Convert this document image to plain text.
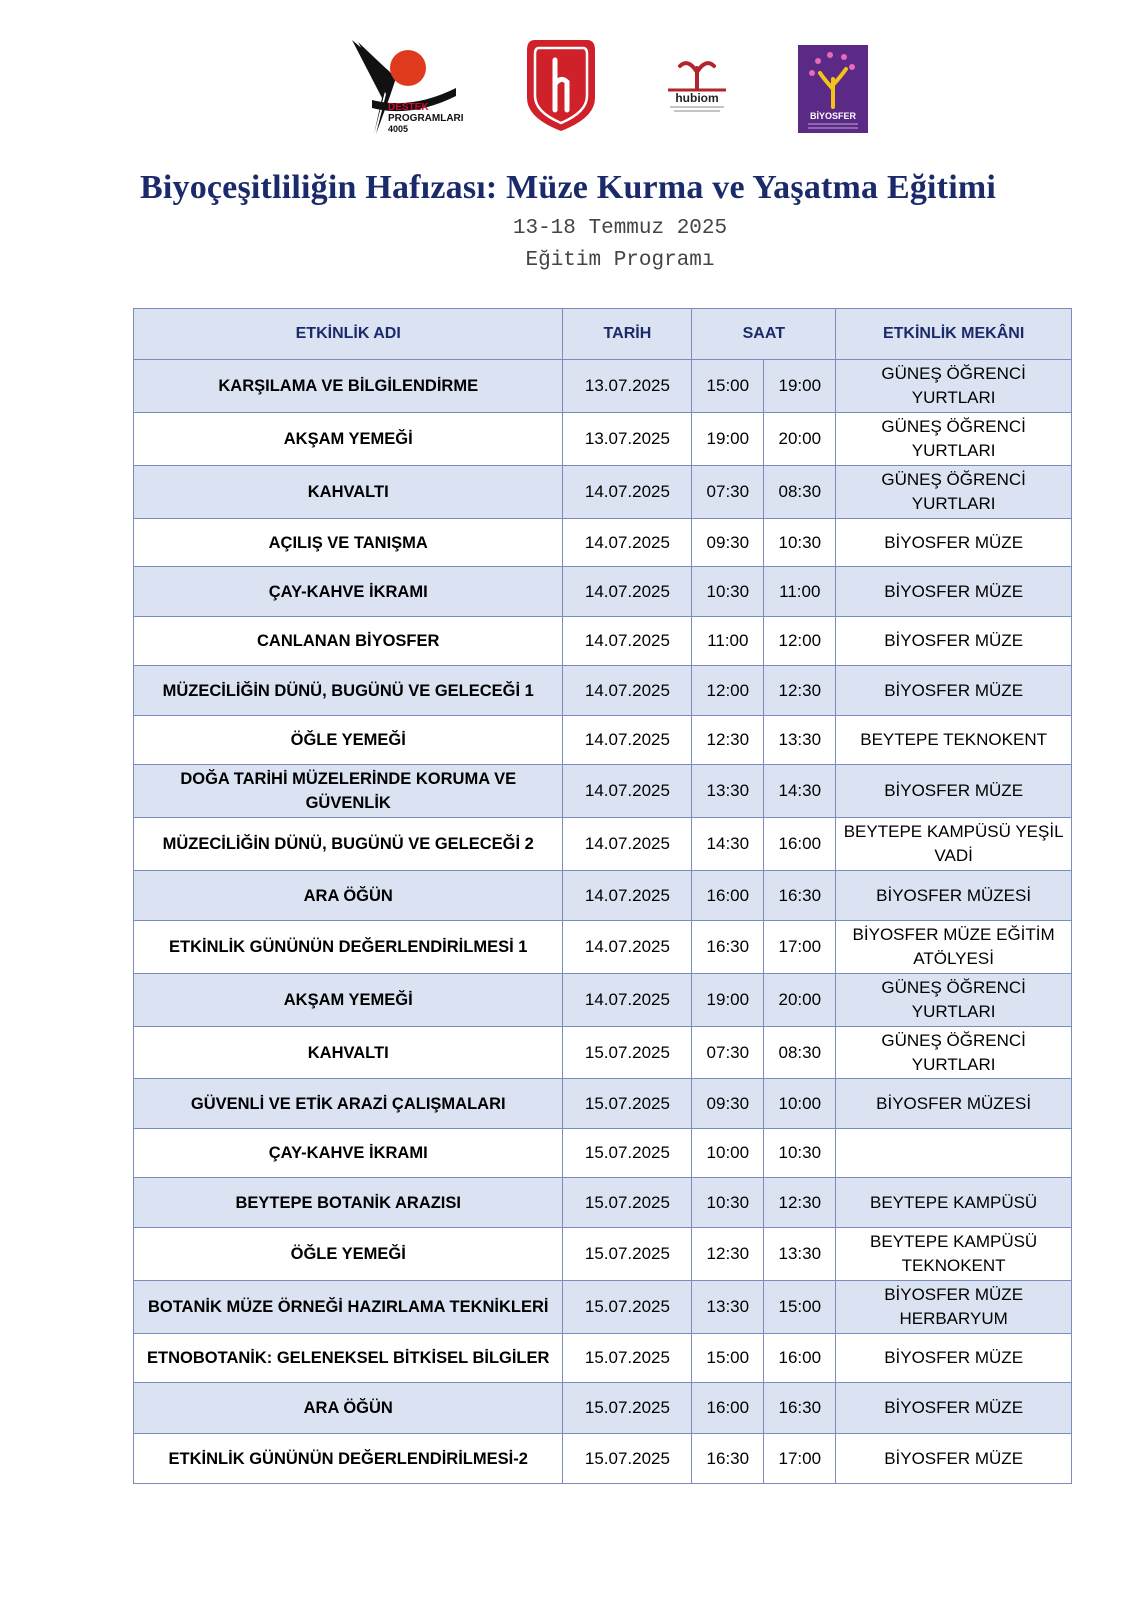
DESTEK
PROGRAMLARI
4005
hubiom
BİYOSFER
Biyoçeşitliliğin Hafızası: Müze Kurma ve Yaşatma Eğitimi
13-18 Temmuz 2025
Eğitim Programı
ETKİNLİK ADI	TARİH	SAAT		ETKİNLİK MEKÂNI
KARŞILAMA VE BİLGİLENDİRME	13.07.2025	15:00	19:00	GÜNEŞ ÖĞRENCİ YURTLARI
AKŞAM YEMEĞİ	13.07.2025	19:00	20:00	GÜNEŞ ÖĞRENCİ YURTLARI
KAHVALTI	14.07.2025	07:30	08:30	GÜNEŞ ÖĞRENCİ YURTLARI
AÇILIŞ VE TANIŞMA	14.07.2025	09:30	10:30	BİYOSFER MÜZE
ÇAY-KAHVE İKRAMI	14.07.2025	10:30	11:00	BİYOSFER MÜZE
CANLANAN BİYOSFER	14.07.2025	11:00	12:00	BİYOSFER MÜZE
MÜZECİLİĞİN DÜNÜ, BUGÜNÜ VE GELECEĞİ 1	14.07.2025	12:00	12:30	BİYOSFER MÜZE
ÖĞLE YEMEĞİ	14.07.2025	12:30	13:30	BEYTEPE TEKNOKENT
DOĞA TARİHİ MÜZELERİNDE KORUMA VE GÜVENLİK	14.07.2025	13:30	14:30	BİYOSFER MÜZE
MÜZECİLİĞİN DÜNÜ, BUGÜNÜ VE GELECEĞİ 2	14.07.2025	14:30	16:00	BEYTEPE KAMPÜSÜ YEŞİL VADİ
ARA ÖĞÜN	14.07.2025	16:00	16:30	BİYOSFER MÜZESİ
ETKİNLİK GÜNÜNÜN DEĞERLENDİRİLMESİ 1	14.07.2025	16:30	17:00	BİYOSFER MÜZE EĞİTİM ATÖLYESİ
AKŞAM YEMEĞİ	14.07.2025	19:00	20:00	GÜNEŞ ÖĞRENCİ YURTLARI
KAHVALTI	15.07.2025	07:30	08:30	GÜNEŞ ÖĞRENCİ YURTLARI
GÜVENLİ VE ETİK ARAZİ ÇALIŞMALARI	15.07.2025	09:30	10:00	BİYOSFER MÜZESİ
ÇAY-KAHVE İKRAMI	15.07.2025	10:00	10:30	
BEYTEPE BOTANİK ARAZISI	15.07.2025	10:30	12:30	BEYTEPE KAMPÜSÜ
ÖĞLE YEMEĞİ	15.07.2025	12:30	13:30	BEYTEPE KAMPÜSÜ TEKNOKENT
BOTANİK MÜZE ÖRNEĞİ HAZIRLAMA TEKNİKLERİ	15.07.2025	13:30	15:00	BİYOSFER MÜZE HERBARYUM
ETNOBOTANİK: GELENEKSEL BİTKİSEL BİLGİLER	15.07.2025	15:00	16:00	BİYOSFER MÜZE
ARA ÖĞÜN	15.07.2025	16:00	16:30	BİYOSFER MÜZE
ETKİNLİK GÜNÜNÜN DEĞERLENDİRİLMESİ-2	15.07.2025	16:30	17:00	BİYOSFER MÜZE
